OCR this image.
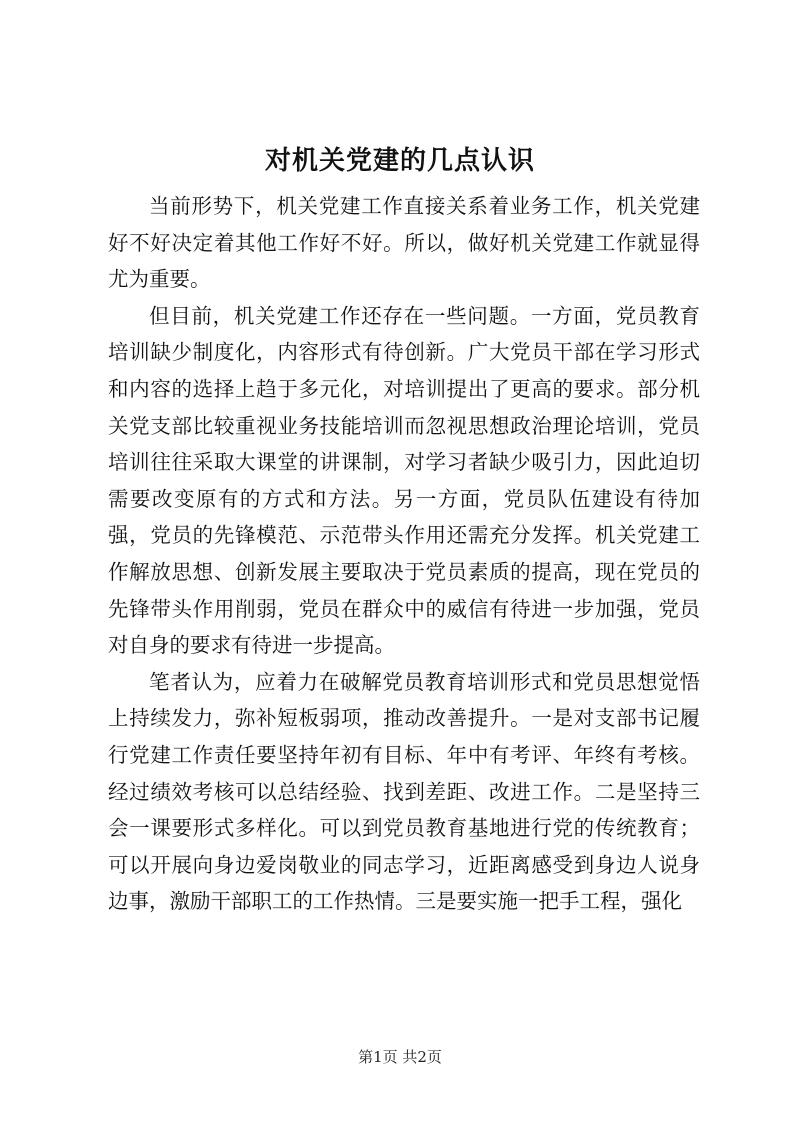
对机关党建的几点认识

当前形势下，机关党建工作直接关系着业务工作，机关党建好不好决定着其他工作好不好。所以，做好机关党建工作就显得尤为重要。

但目前，机关党建工作还存在一些问题。一方面，党员教育培训缺少制度化，内容形式有待创新。广大党员干部在学习形式和内容的选择上趋于多元化，对培训提出了更高的要求。部分机关党支部比较重视业务技能培训而忽视思想政治理论培训，党员培训往往采取大课堂的讲课制，对学习者缺少吸引力，因此迫切需要改变原有的方式和方法。另一方面，党员队伍建设有待加强，党员的先锋模范、示范带头作用还需充分发挥。机关党建工作解放思想、创新发展主要取决于党员素质的提高，现在党员的先锋带头作用削弱，党员在群众中的威信有待进一步加强，党员对自身的要求有待进一步提高。

笔者认为，应着力在破解党员教育培训形式和党员思想觉悟上持续发力，弥补短板弱项，推动改善提升。一是对支部书记履行党建工作责任要坚持年初有目标、年中有考评、年终有考核。经过绩效考核可以总结经验、找到差距、改进工作。二是坚持三会一课要形式多样化。可以到党员教育基地进行党的传统教育；可以开展向身边爱岗敬业的同志学习，近距离感受到身边人说身边事，激励干部职工的工作热情。三是要实施一把手工程，强化

第1页 共2页
